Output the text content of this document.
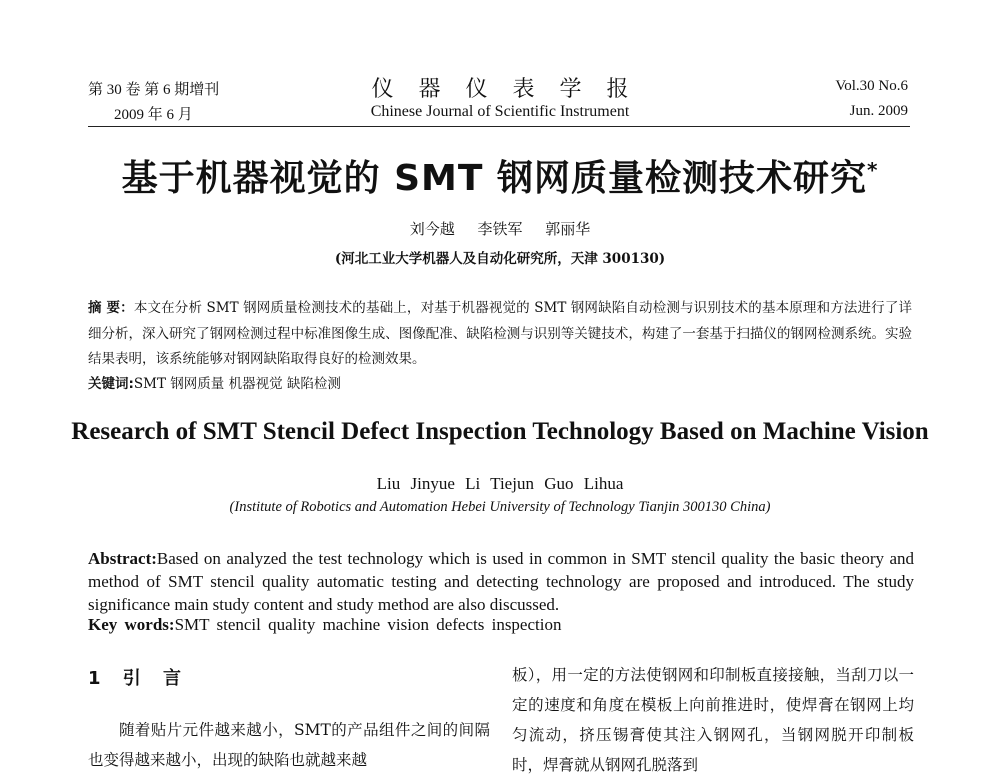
第 30 卷 第 6 期增刊
2009 年 6 月
仪器仪表学报
Chinese Journal of Scientific Instrument
Vol.30 No.6
Jun. 2009
基于机器视觉的 SMT 钢网质量检测技术研究*
刘今越 李铁军 郭丽华
(河北工业大学机器人及自动化研究所，天津 300130)
摘 要：本文在分析 SMT 钢网质量检测技术的基础上，对基于机器视觉的 SMT 钢网缺陷自动检测与识别技术的基本原理和方法进行了详细分析，深入研究了钢网检测过程中标准图像生成、图像配准、缺陷检测与识别等关键技术，构建了一套基于扫描仪的钢网检测系统。实验结果表明，该系统能够对钢网缺陷取得良好的检测效果。
关键词:SMT 钢网质量 机器视觉 缺陷检测
Research of SMT Stencil Defect Inspection Technology Based on Machine Vision
Liu Jinyue Li Tiejun Guo Lihua
(Institute of Robotics and Automation Hebei University of Technology Tianjin 300130 China)
Abstract:Based on analyzed the test technology which is used in common in SMT stencil quality the basic theory and method of SMT stencil quality automatic testing and detecting technology are proposed and introduced. The study significance main study content and study method are also discussed.
Key words:SMT stencil quality machine vision defects inspection
1 引 言
随着贴片元件越来越小，SMT的产品组件之间的间隔也变得越来越小，出现的缺陷也就越来越
板），用一定的方法使钢网和印制板直接接触，当刮刀以一定的速度和角度在模板上向前推进时，使焊膏在钢网上均匀流动，挤压锡膏使其注入钢网孔，当钢网脱开印制板时，焊膏就从钢网孔脱落到
